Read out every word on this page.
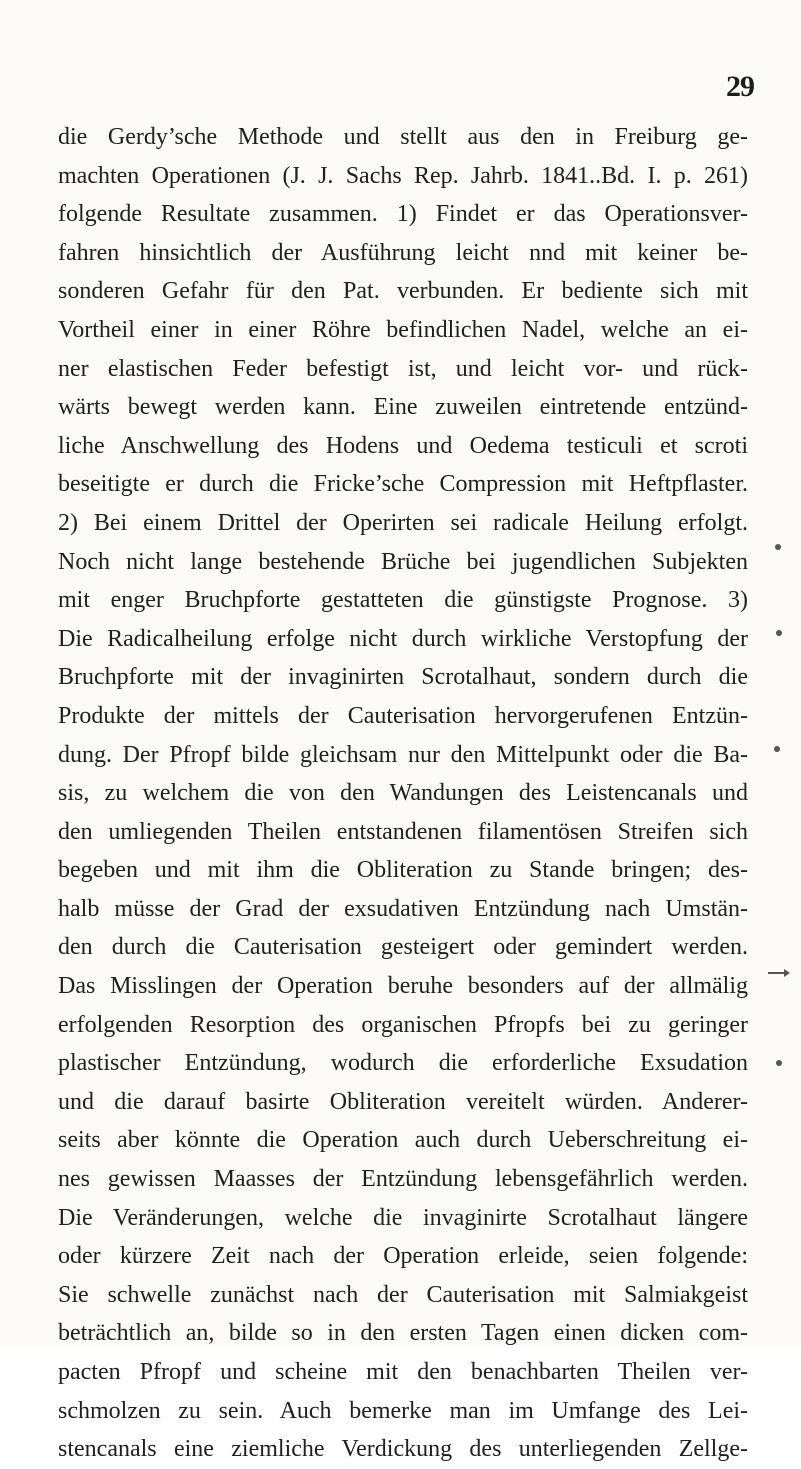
29
die Gerdy’sche Methode und stellt aus den in Freiburg ge-
machten Operationen (J. J. Sachs Rep. Jahrb. 1841..Bd. I. p. 261)
folgende Resultate zusammen. 1) Findet er das Operationsver-
fahren hinsichtlich der Ausführung leicht nnd mit keiner be-
sonderen Gefahr für den Pat. verbunden. Er bediente sich mit
Vortheil einer in einer Röhre befindlichen Nadel, welche an ei-
ner elastischen Feder befestigt ist, und leicht vor- und rück-
wärts bewegt werden kann. Eine zuweilen eintretende entzünd-
liche Anschwellung des Hodens und Oedema testiculi et scroti
beseitigte er durch die Fricke’sche Compression mit Heftpflaster.
2) Bei einem Drittel der Operirten sei radicale Heilung erfolgt.
Noch nicht lange bestehende Brüche bei jugendlichen Subjekten
mit enger Bruchpforte gestatteten die günstigste Prognose. 3)
Die Radicalheilung erfolge nicht durch wirkliche Verstopfung der
Bruchpforte mit der invaginirten Scrotalhaut, sondern durch die
Produkte der mittels der Cauterisation hervorgerufenen Entzün-
dung. Der Pfropf bilde gleichsam nur den Mittelpunkt oder die Ba-
sis, zu welchem die von den Wandungen des Leistencanals und
den umliegenden Theilen entstandenen filamentösen Streifen sich
begeben und mit ihm die Obliteration zu Stande bringen; des-
halb müsse der Grad der exsudativen Entzündung nach Umstän-
den durch die Cauterisation gesteigert oder gemindert werden.
Das Misslingen der Operation beruhe besonders auf der allmälig
erfolgenden Resorption des organischen Pfropfs bei zu geringer
plastischer Entzündung, wodurch die erforderliche Exsudation
und die darauf basirte Obliteration vereitelt würden. Anderer-
seits aber könnte die Operation auch durch Ueberschreitung ei-
nes gewissen Maasses der Entzündung lebensgefährlich werden.
Die Veränderungen, welche die invaginirte Scrotalhaut längere
oder kürzere Zeit nach der Operation erleide, seien folgende:
Sie schwelle zunächst nach der Cauterisation mit Salmiakgeist
beträchtlich an, bilde so in den ersten Tagen einen dicken com-
pacten Pfropf und scheine mit den benachbarten Theilen ver-
schmolzen zu sein. Auch bemerke man im Umfange des Lei-
stencanals eine ziemliche Verdickung des unterliegenden Zellge-
